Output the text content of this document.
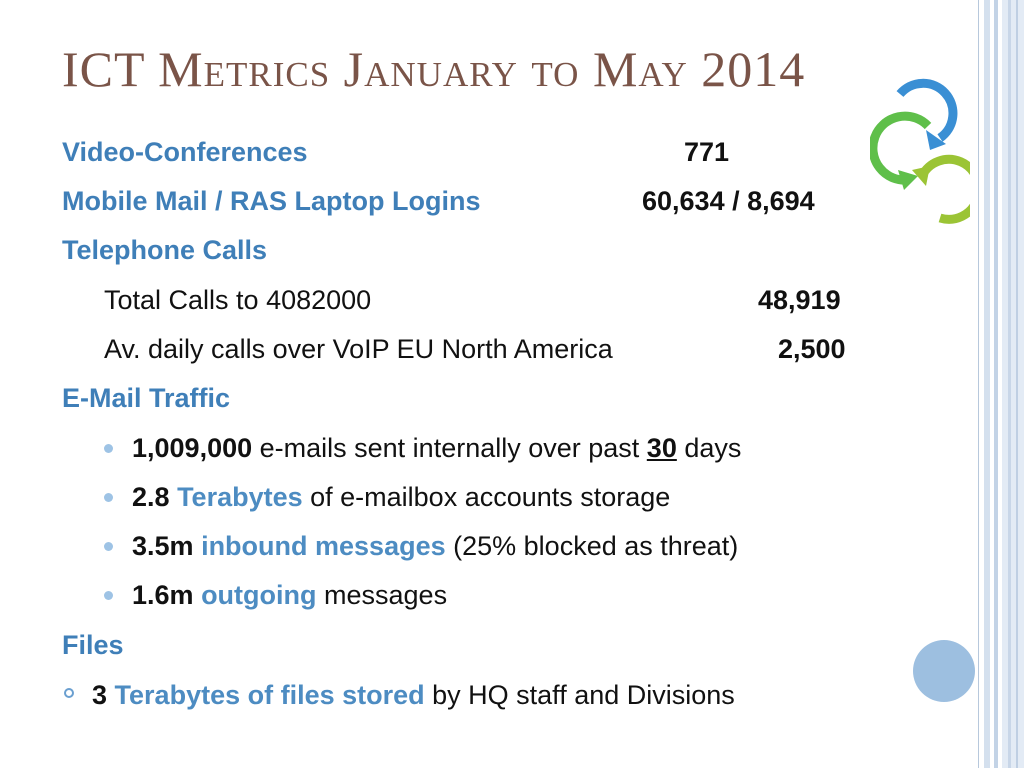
ICT Metrics January to May 2014
Video-Conferences	771
Mobile Mail / RAS Laptop Logins	60,634 / 8,694
Telephone Calls
Total Calls to 4082000	48,919
Av. daily calls over VoIP EU North America	2,500
E-Mail Traffic
1,009,000 e-mails sent internally over past 30 days
2.8 Terabytes of e-mailbox accounts storage
3.5m inbound messages (25% blocked as threat)
1.6m outgoing messages
Files
3 Terabytes of files stored by HQ staff and Divisions
